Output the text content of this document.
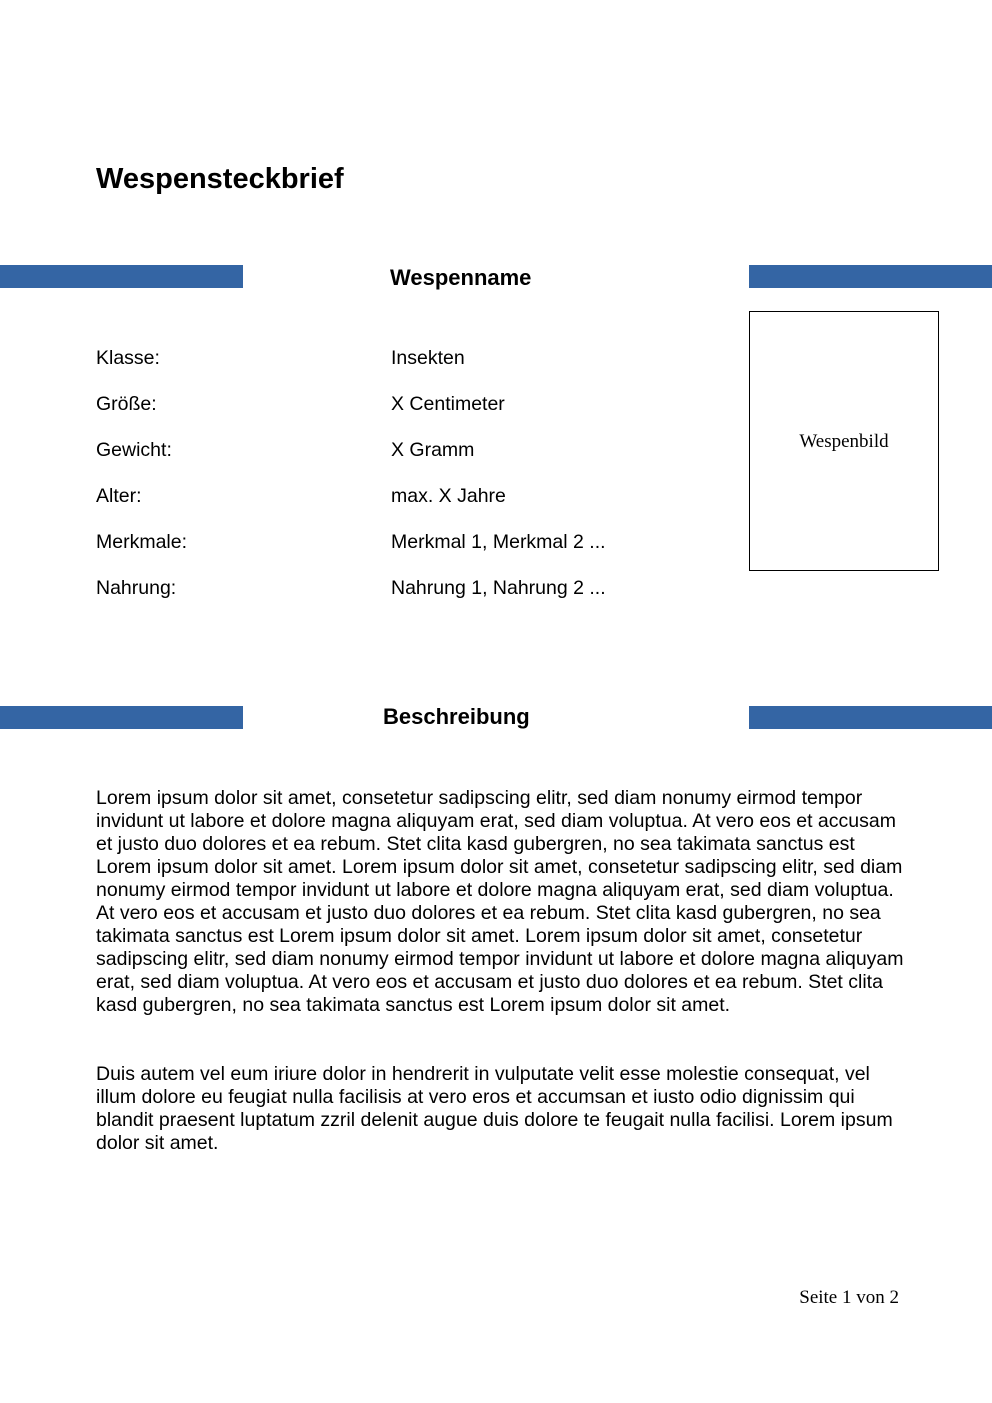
Wespensteckbrief
Wespenname
Klasse:	Insekten
Größe:	X Centimeter
Gewicht:	X Gramm
Alter:	max. X Jahre
Merkmale:	Merkmal 1, Merkmal 2 ...
Nahrung:	Nahrung 1, Nahrung 2 ...
Wespenbild
Beschreibung

Lorem ipsum dolor sit amet, consetetur sadipscing elitr, sed diam nonumy eirmod tempor invidunt ut labore et dolore magna aliquyam erat, sed diam voluptua. At vero eos et accusam et justo duo dolores et ea rebum. Stet clita kasd gubergren, no sea takimata sanctus est Lorem ipsum dolor sit amet. Lorem ipsum dolor sit amet, consetetur sadipscing elitr, sed diam nonumy eirmod tempor invidunt ut labore et dolore magna aliquyam erat, sed diam voluptua. At vero eos et accusam et justo duo dolores et ea rebum. Stet clita kasd gubergren, no sea takimata sanctus est Lorem ipsum dolor sit amet. Lorem ipsum dolor sit amet, consetetur sadipscing elitr, sed diam nonumy eirmod tempor invidunt ut labore et dolore magna aliquyam erat, sed diam voluptua. At vero eos et accusam et justo duo dolores et ea rebum. Stet clita kasd gubergren, no sea takimata sanctus est Lorem ipsum dolor sit amet.

Duis autem vel eum iriure dolor in hendrerit in vulputate velit esse molestie consequat, vel illum dolore eu feugiat nulla facilisis at vero eros et accumsan et iusto odio dignissim qui blandit praesent luptatum zzril delenit augue duis dolore te feugait nulla facilisi. Lorem ipsum dolor sit amet.

Seite 1 von 2
